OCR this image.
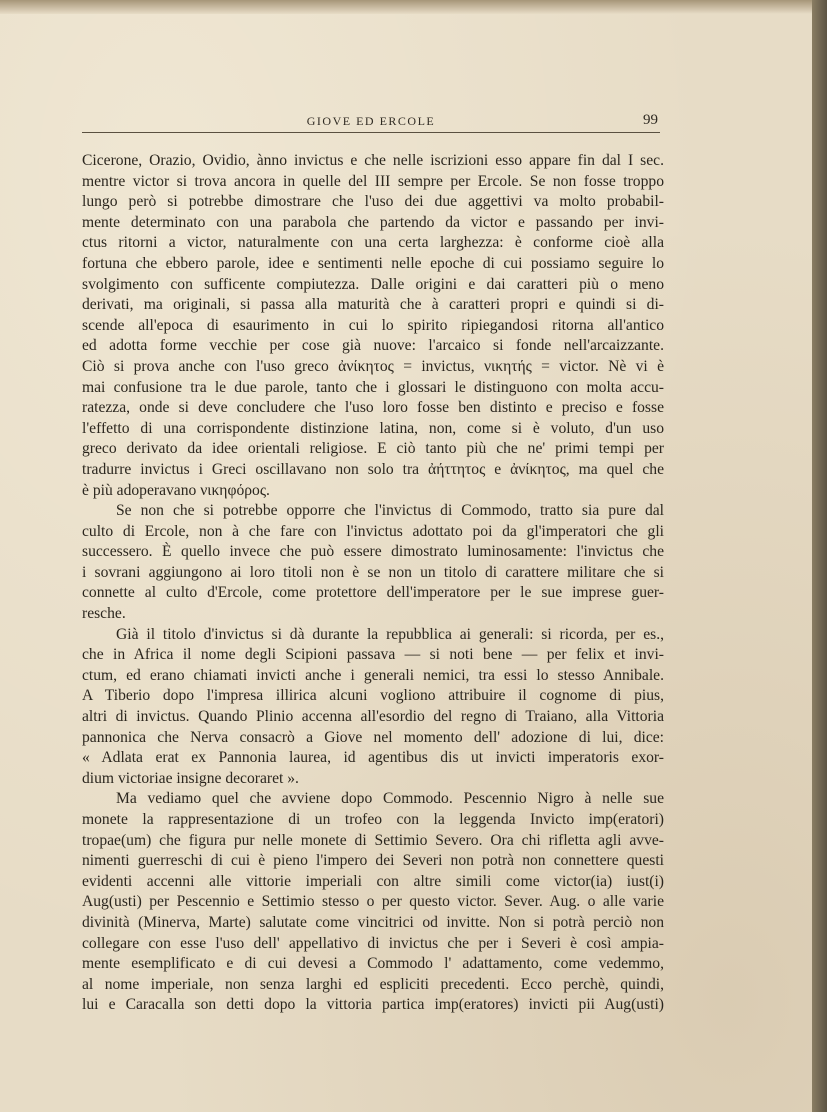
GIOVE ED ERCOLE	99
Cicerone, Orazio, Ovidio, ànno invictus e che nelle iscrizioni esso appare fin dal I sec.
mentre victor si trova ancora in quelle del III sempre per Ercole. Se non fosse troppo
lungo però si potrebbe dimostrare che l'uso dei due aggettivi va molto probabil-
mente determinato con una parabola che partendo da victor e passando per invi-
ctus ritorni a victor, naturalmente con una certa larghezza: è conforme cioè alla
fortuna che ebbero parole, idee e sentimenti nelle epoche di cui possiamo seguire lo
svolgimento con sufficente compiutezza. Dalle origini e dai caratteri più o meno
derivati, ma originali, si passa alla maturità che à caratteri propri e quindi si di-
scende all'epoca di esaurimento in cui lo spirito ripiegandosi ritorna all'antico
ed adotta forme vecchie per cose già nuove: l'arcaico si fonde nell'arcaizzante.
Ciò si prova anche con l'uso greco ἀνίκητος = invictus, νικητής = victor. Nè vi è
mai confusione tra le due parole, tanto che i glossari le distinguono con molta accu-
ratezza, onde si deve concludere che l'uso loro fosse ben distinto e preciso e fosse
l'effetto di una corrispondente distinzione latina, non, come si è voluto, d'un uso
greco derivato da idee orientali religiose. E ciò tanto più che ne' primi tempi per
tradurre invictus i Greci oscillavano non solo tra ἀήττητος e ἀνίκητος, ma quel che
è più adoperavano νικηφόρος.
Se non che si potrebbe opporre che l'invictus di Commodo, tratto sia pure dal
culto di Ercole, non à che fare con l'invictus adottato poi da gl'imperatori che gli
successero. È quello invece che può essere dimostrato luminosamente: l'invictus che
i sovrani aggiungono ai loro titoli non è se non un titolo di carattere militare che si
connette al culto d'Ercole, come protettore dell'imperatore per le sue imprese guer-
resche.
Già il titolo d'invictus si dà durante la repubblica ai generali: si ricorda, per es.,
che in Africa il nome degli Scipioni passava — si noti bene — per felix et invi-
ctum, ed erano chiamati invicti anche i generali nemici, tra essi lo stesso Annibale.
A Tiberio dopo l'impresa illirica alcuni vogliono attribuire il cognome di pius,
altri di invictus. Quando Plinio accenna all'esordio del regno di Traiano, alla Vittoria
pannonica che Nerva consacrò a Giove nel momento dell' adozione di lui, dice:
« Adlata erat ex Pannonia laurea, id agentibus dis ut invicti imperatoris exor-
dium victoriae insigne decoraret ».
Ma vediamo quel che avviene dopo Commodo. Pescennio Nigro à nelle sue
monete la rappresentazione di un trofeo con la leggenda Invicto imp(eratori)
tropae(um) che figura pur nelle monete di Settimio Severo. Ora chi rifletta agli avve-
nimenti guerreschi di cui è pieno l'impero dei Severi non potrà non connettere questi
evidenti accenni alle vittorie imperiali con altre simili come victor(ia) iust(i)
Aug(usti) per Pescennio e Settimio stesso o per questo victor. Sever. Aug. o alle varie
divinità (Minerva, Marte) salutate come vincitrici od invitte. Non si potrà perciò non
collegare con esse l'uso dell' appellativo di invictus che per i Severi è così ampia-
mente esemplificato e di cui devesi a Commodo l' adattamento, come vedemmo,
al nome imperiale, non senza larghi ed espliciti precedenti. Ecco perchè, quindi,
lui e Caracalla son detti dopo la vittoria partica imp(eratores) invicti pii Aug(usti)
